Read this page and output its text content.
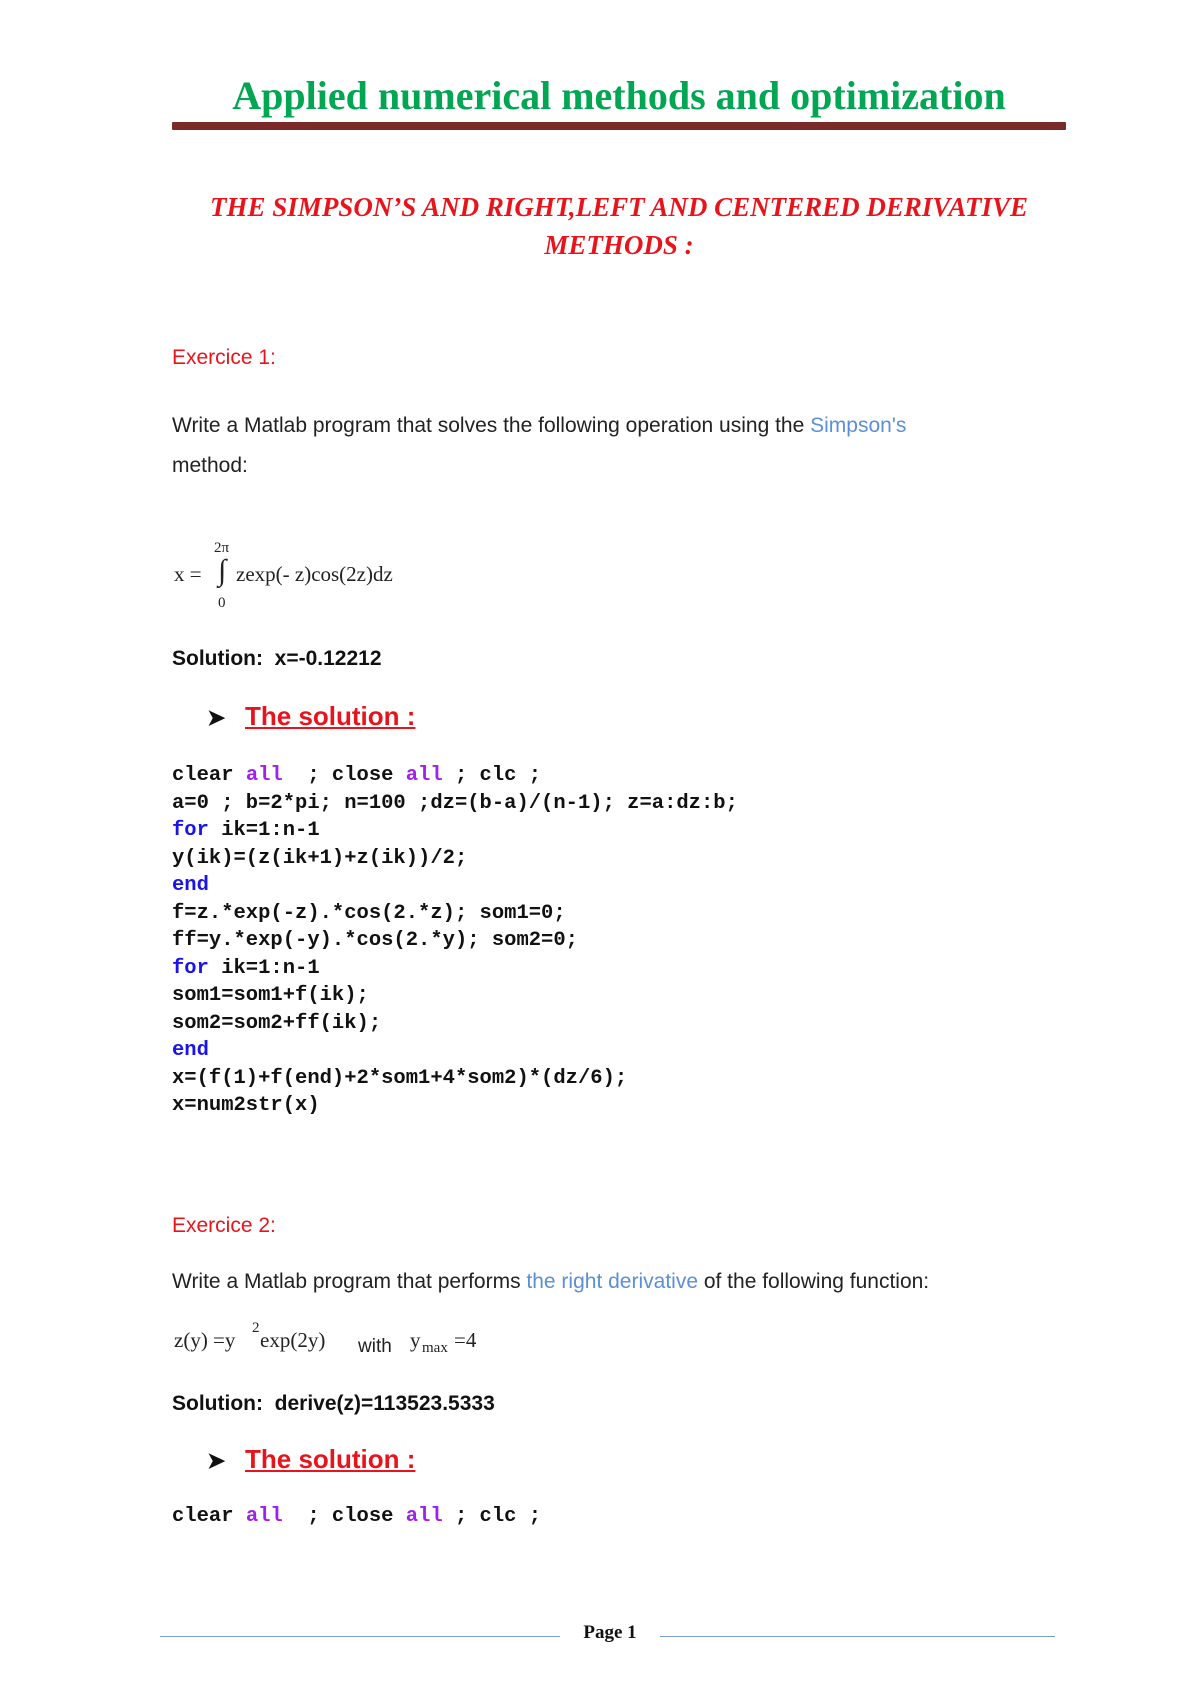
Applied numerical methods and optimization
THE SIMPSON’S AND RIGHT,LEFT AND CENTERED DERIVATIVE METHODS :
Exercice 1:
Write a Matlab program that solves the following operation using the Simpson's
method:
x =
2π
∫
0
zexp(- z)cos(2z)dz
Solution: x=-0.12212
➤ The solution :
clear all  ; close all ; clc ;
a=0 ; b=2*pi; n=100 ;dz=(b-a)/(n-1); z=a:dz:b;
for ik=1:n-1
y(ik)=(z(ik+1)+z(ik))/2;
end
f=z.*exp(-z).*cos(2.*z); som1=0;
ff=y.*exp(-y).*cos(2.*y); som2=0;
for ik=1:n-1
som1=som1+f(ik);
som2=som2+ff(ik);
end
x=(f(1)+f(end)+2*som1+4*som2)*(dz/6);
x=num2str(x)
Exercice 2:
Write a Matlab program that performs the right derivative of the following function:
z(y) =y 2 exp(2y) with y max =4
Solution: derive(z)=113523.5333
➤ The solution :
clear all  ; close all ; clc ;
Page 1
